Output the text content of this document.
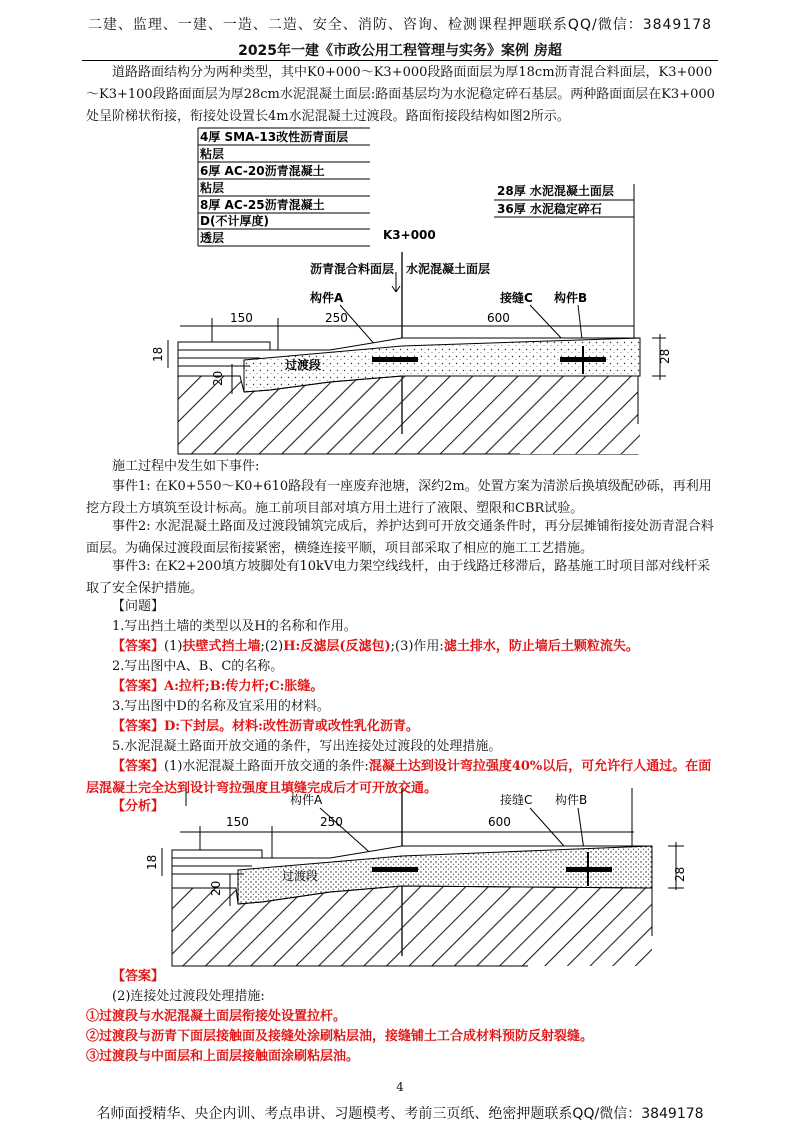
二建、监理、一建、一造、二造、安全、消防、咨询、检测课程押题联系QQ/微信：3849178
2025年一建《市政公用工程管理与实务》案例 房超

道路路面结构分为两种类型，其中K0+000～K3+000段路面面层为厚18cm沥青混合料面层，K3+000～K3+100段路面面层为厚28cm水泥混凝土面层:路面基层均为水泥稳定碎石基层。两种路面面层在K3+000处呈阶梯状衔接，衔接处设置长4m水泥混凝土过渡段。路面衔接段结构如图2所示。

4厚 SMA-13改性沥青面层
粘层
6厚 AC-20沥青混凝土
粘层
8厚 AC-25沥青混凝土
D(不计厚度)
透层
28厚 水泥混凝土面层
36厚 水泥稳定碎石
K3+000
沥青混合料面层 水泥混凝土面层
构件A	接缝C 构件B
150	250	600
过渡段
18
20
28

施工过程中发生如下事件:

事件1: 在K0+550～K0+610路段有一座废弃池塘，深约2m。处置方案为清淤后换填级配砂砾，再利用挖方段土方填筑至设计标高。施工前项目部对填方用土进行了液限、塑限和CBR试验。

事件2: 水泥混凝土路面及过渡段铺筑完成后，养护达到可开放交通条件时，再分层摊铺衔接处沥青混合料面层。为确保过渡段面层衔接紧密，横缝连接平顺，项目部采取了相应的施工工艺措施。

事件3: 在K2+200填方坡脚处有10kV电力架空线线杆，由于线路迁移滞后，路基施工时项目部对线杆采取了安全保护措施。

【问题】

1.写出挡土墙的类型以及H的名称和作用。

【答案】(1)扶壁式挡土墙;(2)H:反滤层(反滤包);(3)作用:滤土排水，防止墙后土颗粒流失。

2.写出图中A、B、C的名称。

【答案】A:拉杆;B:传力杆;C:胀缝。

3.写出图中D的名称及宜采用的材料。

【答案】D:下封层。材料:改性沥青或改性乳化沥青。

5.水泥混凝土路面开放交通的条件，写出连接处过渡段的处理措施。

【答案】(1)水泥混凝土路面开放交通的条件:混凝土达到设计弯拉强度40%以后，可允许行人通过。在面层混凝土完全达到设计弯拉强度且填缝完成后才可开放交通。

【分析】	构件A	接缝C 构件B
150	250	600
过渡段
18
20
28

【答案】

(2)连接处过渡段处理措施:

①过渡段与水泥混凝土面层衔接处设置拉杆。

②过渡段与沥青下面层接触面及接缝处涂刷粘层油，接缝铺土工合成材料预防反射裂缝。

③过渡段与中面层和上面层接触面涂刷粘层油。

4
名师面授精华、央企内训、考点串讲、习题模考、考前三页纸、绝密押题联系QQ/微信：3849178
